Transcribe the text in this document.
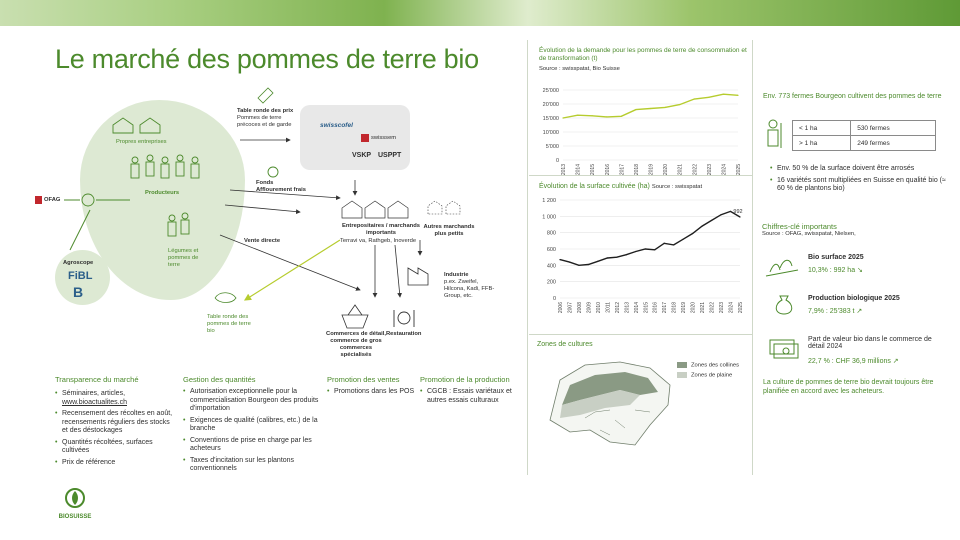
Le marché des pommes de terre bio
Table ronde des prix
Pommes de terre précoces et de garde
Propres entreprises
Producteurs
OFAG
Fonds
Afflourement frais
Légumes et pommes de terre
Agroscope
FiBL
B
swisscofel
swisssem
VSKP USPPT
Entrepositaires / marchands importants
Terravi va, Rathgeb, Inoverde
Autres marchands plus petits
Vente directe
Industrie
p.ex. Zweifel, Hilcona, Kadi, FFB-Group, etc.
Table ronde des pommes de terre bio	Commerces de détail, commerce de gros commerces spécialisés
Restauration
Transparence du marché
• Séminaires, articles,
www.bioactualites.ch
• Recensement des récoltes en août, recensements réguliers des stocks et des déstockages
• Quantités récoltées, surfaces cultivées
• Prix de référence
BIOSUISSE
Gestion des quantités
• Autorisation exceptionnelle pour la commercialisation Bourgeon des produits d'importation
• Exigences de qualité (calibres, etc.) de la branche
• Conventions de prise en charge par les acheteurs
• Taxes d'incitation sur les plantons conventionnels
Promotion des ventes
• Promotions dans les POS
Promotion de la production
• CGCB : Essais variétaux et autres essais culturaux
Évolution de la demande pour les pommes de terre de consommation et de transformation (t)
Source : swisspatat, Bio Suisse
0
5'000
10'000
15'000
20'000
25'000
2013 2014 2015 2016 2017 2018 2019 2020 2021 2022 2023 2024 2025
Évolution de la surface cultivée (ha) Source : swisspatat
0
200
400
600
800
1 000
1 200
2006 2007 2008 2009 2010 2011 2012 2013 2014 2015 2016 2017 2018 2019 2020 2021 2022 2023 2024 2025
992
Zones de cultures
Zones des collines
Zones de plaine
Env. 773 fermes Bourgeon cultivent des pommes de terre
< 1 ha	530 fermes
> 1 ha	249 fermes
• Env. 50 % de la surface doivent être arrosés
• 16 variétés sont multipliées en Suisse en qualité bio (≈ 60 % de plantons bio)
Chiffres-clé importants
Source : OFAG, swisspatat, Nielsen,
Bio surface 2025
10,3% : 992 ha ↘
Production biologique 2025
7,9% : 25'383 t ↗
Part de valeur bio dans le commerce de détail 2024
22,7 % : CHF 36,9 millions ↗
La culture de pommes de terre bio devrait toujours être planifiée en accord avec les acheteurs.
